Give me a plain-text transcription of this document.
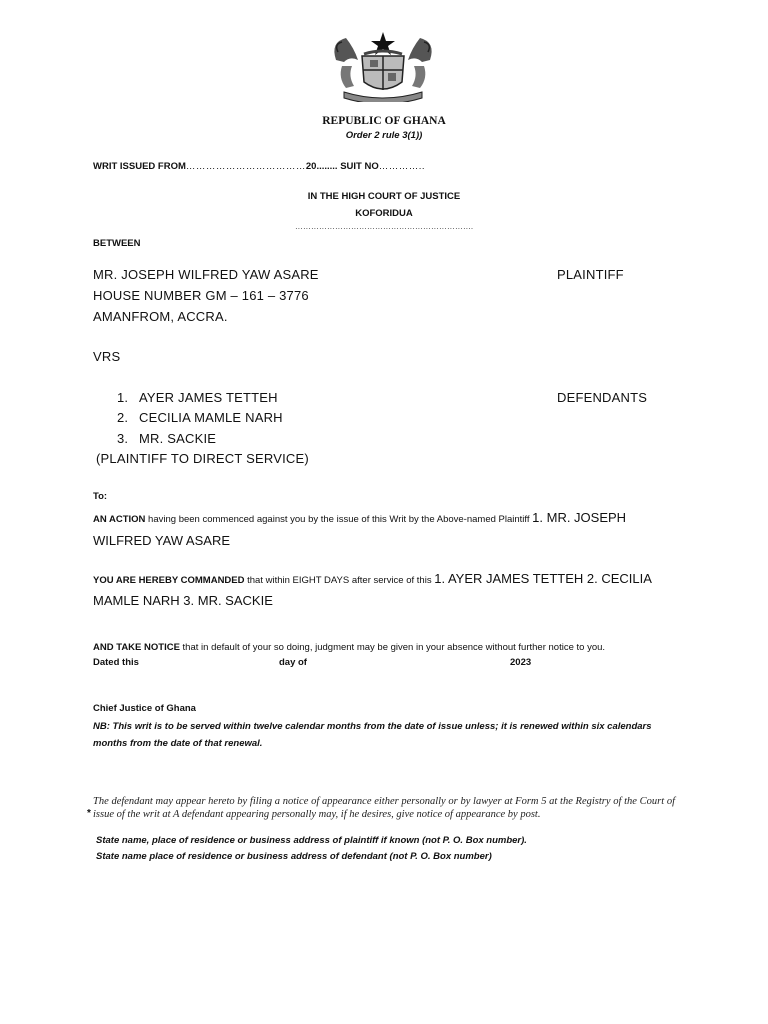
REPUBLIC OF GHANA
Order 2 rule 3(1))
WRIT ISSUED FROM………………………………20........ SUIT NO…………..
IN THE HIGH COURT OF JUSTICE
KOFORIDUA
………………………………………………………….
BETWEEN
MR. JOSEPH WILFRED YAW ASARE	PLAINTIFF
HOUSE NUMBER GM – 161 – 3776
AMANFROM, ACCRA.
VRS
1. AYER JAMES TETTEH	DEFENDANTS
2. CECILIA MAMLE NARH
3. MR. SACKIE
(PLAINTIFF TO DIRECT SERVICE)
To:
AN ACTION having been commenced against you by the issue of this Writ by the Above-named Plaintiff 1. MR. JOSEPH WILFRED YAW ASARE
YOU ARE HEREBY COMMANDED that within EIGHT DAYS after service of this 1. AYER JAMES TETTEH 2. CECILIA MAMLE NARH 3. MR. SACKIE
AND TAKE NOTICE that in default of your so doing, judgment may be given in your absence without further notice to you.
Dated this	day of	2023
Chief Justice of Ghana
NB: This writ is to be served within twelve calendar months from the date of issue unless; it is renewed within six calendars months from the date of that renewal.
The defendant may appear hereto by filing a notice of appearance either personally or by lawyer at Form 5 at the Registry of the Court of issue of the writ at A defendant appearing personally may, if he desires, give notice of appearance by post.
*
State name, place of residence or business address of plaintiff if known (not P. O. Box number).
State name place of residence or business address of defendant (not P. O. Box number)
